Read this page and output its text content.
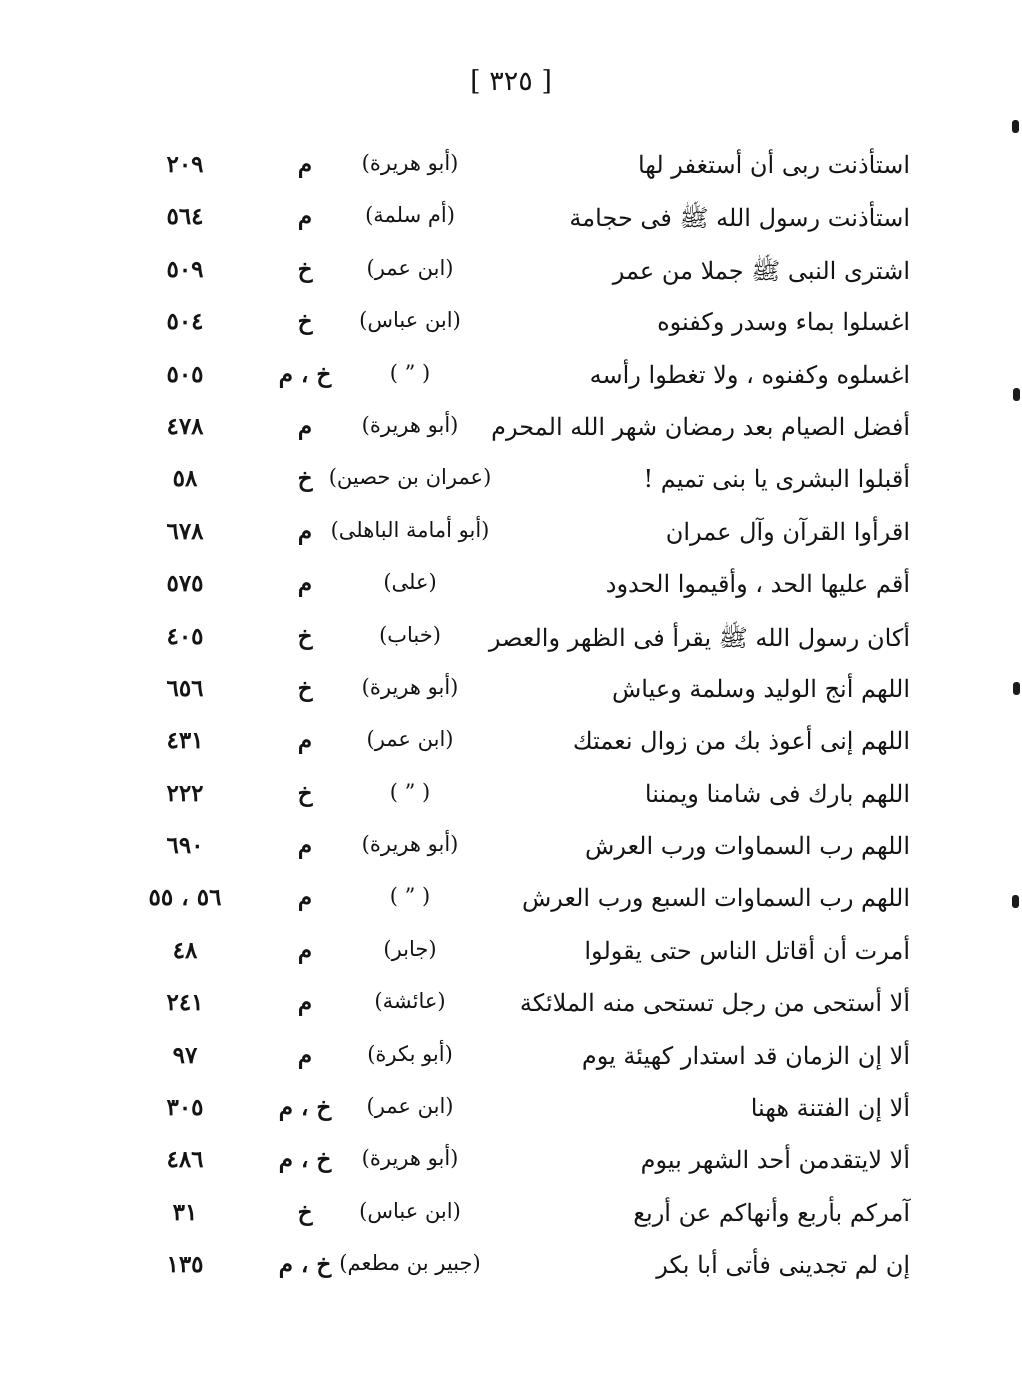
[ ٣٢٥ ]
استأذنت ربى أن أستغفر لها
(أبو هريرة)
م
٢٠٩
استأذنت رسول الله ﷺ فى حجامة
(أم سلمة)
م
٥٦٤
اشترى النبى ﷺ جملا من عمر
(ابن عمر)
خ
٥٠٩
اغسلوا بماء وسدر وكفنوه
(ابن عباس)
خ
٥٠٤
اغسلوه وكفنوه ، ولا تغطوا رأسه
( ” )
خ ، م
٥٠٥
أفضل الصيام بعد رمضان شهر الله المحرم
(أبو هريرة)
م
٤٧٨
أقبلوا البشرى يا بنى تميم !
(عمران بن حصين)
خ
٥٨
اقرأوا القرآن وآل عمران
(أبو أمامة الباهلى)
م
٦٧٨
أقم عليها الحد ، وأقيموا الحدود
(على)
م
٥٧٥
أكان رسول الله ﷺ يقرأ فى الظهر والعصر
(خباب)
خ
٤٠٥
اللهم أنج الوليد وسلمة وعياش
(أبو هريرة)
خ
٦٥٦
اللهم إنى أعوذ بك من زوال نعمتك
(ابن عمر)
م
٤٣١
اللهم بارك فى شامنا ويمننا
( ” )
خ
٢٢٢
اللهم رب السماوات ورب العرش
(أبو هريرة)
م
٦٩٠
اللهم رب السماوات السبع ورب العرش
( ” )
م
٥٦ ، ٥٥
أمرت أن أقاتل الناس حتى يقولوا
(جابر)
م
٤٨
ألا أستحى من رجل تستحى منه الملائكة
(عائشة)
م
٢٤١
ألا إن الزمان قد استدار كهيئة يوم
(أبو بكرة)
م
٩٧
ألا إن الفتنة ههنا
(ابن عمر)
خ ، م
٣٠٥
ألا لايتقدمن أحد الشهر بيوم
(أبو هريرة)
خ ، م
٤٨٦
آمركم بأربع وأنهاكم عن أربع
(ابن عباس)
خ
٣١
إن لم تجدينى فأتى أبا بكر
(جبير بن مطعم)
خ ، م
١٣٥
